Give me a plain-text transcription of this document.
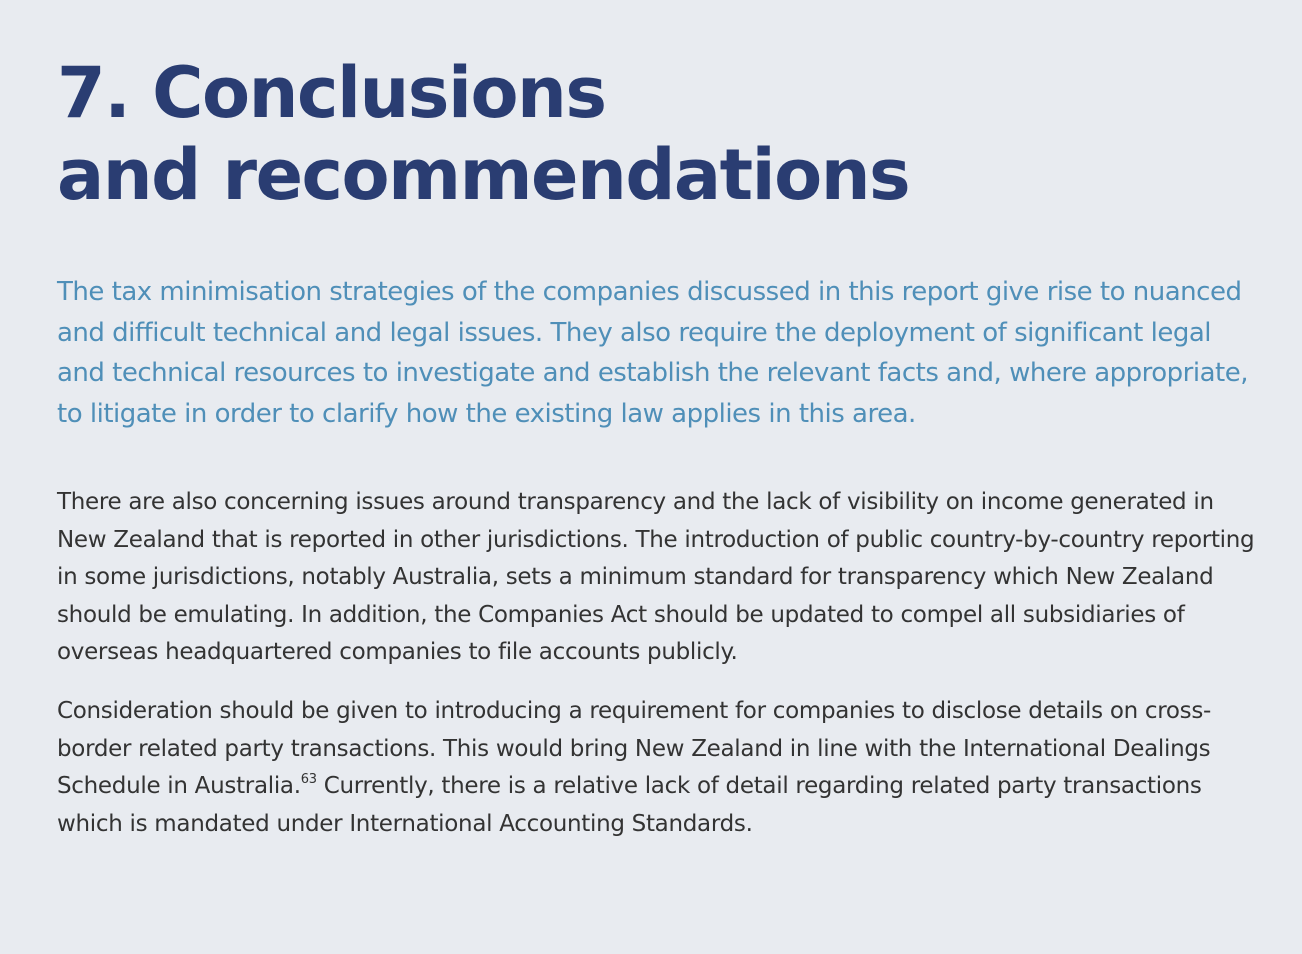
7. Conclusions
and recommendations

The tax minimisation strategies of the companies discussed in this report give rise to nuanced and difficult technical and legal issues. They also require the deployment of significant legal and technical resources to investigate and establish the relevant facts and, where appropriate, to litigate in order to clarify how the existing law applies in this area.

There are also concerning issues around transparency and the lack of visibility on income generated in New Zealand that is reported in other jurisdictions. The introduction of public country-by-country reporting in some jurisdictions, notably Australia, sets a minimum standard for transparency which New Zealand should be emulating. In addition, the Companies Act should be updated to compel all subsidiaries of overseas headquartered companies to file accounts publicly.

Consideration should be given to introducing a requirement for companies to disclose details on cross-border related party transactions. This would bring New Zealand in line with the International Dealings Schedule in Australia.$^{63}$ Currently, there is a relative lack of detail regarding related party transactions which is mandated under International Accounting Standards.
